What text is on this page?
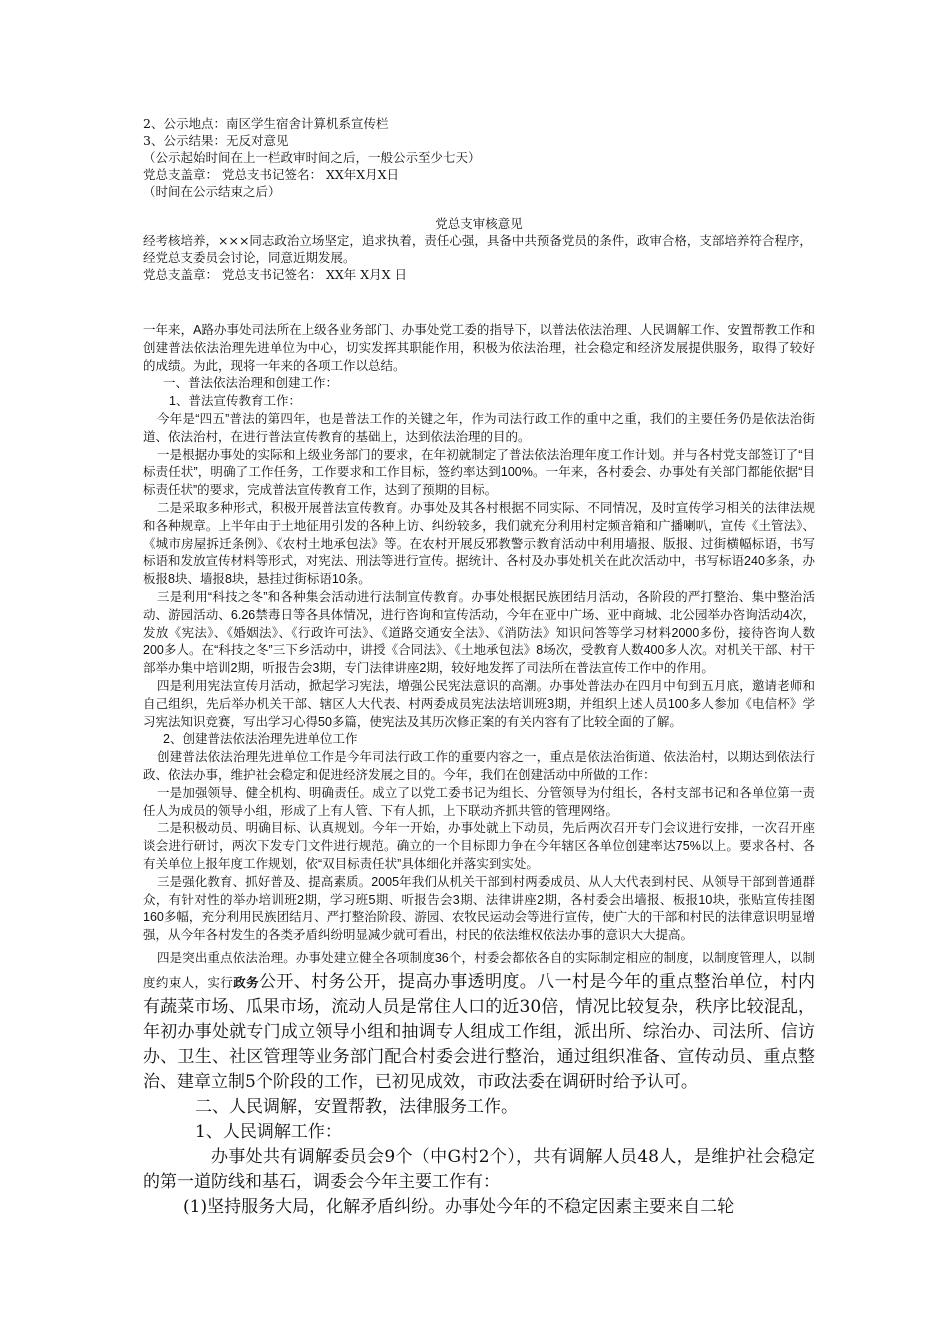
2、公示地点：南区学生宿舍计算机系宣传栏

3、公示结果：无反对意见

（公示起始时间在上一栏政审时间之后，一般公示至少七天）

党总支盖章： 党总支书记签名： XX年X月X日

（时间在公示结束之后）

党总支审核意见

经考核培养，×××同志政治立场坚定，追求执着，责任心强，具备中共预备党员的条件，政审合格，支部培养符合程序，经党总支委员会讨论，同意近期发展。

党总支盖章： 党总支书记签名： XX年 X月X 日

一年来，A路办事处司法所在上级各业务部门、办事处党工委的指导下，以普法依法治理、人民调解工作、安置帮教工作和创建普法依法治理先进单位为中心，切实发挥其职能作用，积极为依法治理，社会稳定和经济发展提供服务，取得了较好的成绩。为此，现将一年来的各项工作以总结。
一、普法依法治理和创建工作：
1、普法宣传教育工作：
今年是“四五”普法的第四年，也是普法工作的关键之年，作为司法行政工作的重中之重，我们的主要任务仍是依法治街道、依法治村，在进行普法宣传教育的基础上，达到依法治理的目的。
一是根据办事处的实际和上级业务部门的要求，在年初就制定了普法依法治理年度工作计划。并与各村党支部签订了“目标责任状”，明确了工作任务，工作要求和工作目标，签约率达到100%。一年来，各村委会、办事处有关部门都能依据“目标责任状”的要求，完成普法宣传教育工作，达到了预期的目标。
二是采取多种形式，积极开展普法宣传教育。办事处及其各村根据不同实际、不同情况，及时宣传学习相关的法律法规和各种规章。上半年由于土地征用引发的各种上访、纠纷较多，我们就充分利用村定频音箱和广播喇叭，宣传《土管法》、《城市房屋拆迁条例》、《农村土地承包法》等。在农村开展反邪教警示教育活动中利用墙报、版报、过街横幅标语，书写标语和发放宣传材料等形式，对宪法、刑法等进行宣传。据统计、各村及办事处机关在此次活动中，书写标语240多条，办板报8块、墙报8块，悬挂过街标语10条。
三是利用“科技之冬”和各种集会活动进行法制宣传教育。办事处根据民族团结月活动，各阶段的严打整治、集中整治活动、游园活动、6.26禁毒日等各具体情况，进行咨询和宣传活动，今年在亚中广场、亚中商城、北公园举办咨询活动4次，发放《宪法》、《婚姻法》、《行政许可法》、《道路交通安全法》、《消防法》知识问答等学习材料2000多份，接待咨询人数200多人。在“科技之冬”三下乡活动中，讲授《合同法》、《土地承包法》8场次，受教育人数400多人次。对机关干部、村干部举办集中培训2期，听报告会3期，专门法律讲座2期，较好地发挥了司法所在普法宣传工作中的作用。
四是利用宪法宣传月活动，掀起学习宪法，增强公民宪法意识的高潮。办事处普法办在四月中旬到五月底，邀请老师和自己组织，先后举办机关干部、辖区人大代表、村两委成员宪法法培训班3期，并组织上述人员100多人参加《电信杯》学习宪法知识竞赛，写出学习心得50多篇，使宪法及其历次修正案的有关内容有了比较全面的了解。
2、创建普法依法治理先进单位工作
创建普法依法治理先进单位工作是今年司法行政工作的重要内容之一，重点是依法治街道、依法治村，以期达到依法行政、依法办事，维护社会稳定和促进经济发展之目的。今年，我们在创建活动中所做的工作：
一是加强领导、健全机构、明确责任。成立了以党工委书记为组长、分管领导为付组长，各村支部书记和各单位第一责任人为成员的领导小组，形成了上有人管、下有人抓，上下联动齐抓共管的管理网络。
二是积极动员、明确目标、认真规划。今年一开始，办事处就上下动员，先后两次召开专门会议进行安排，一次召开座谈会进行研讨，两次下发专门文件进行规范。确立的一个目标即力争在今年辖区各单位创建率达75%以上。要求各村、各有关单位上报年度工作规划，依“双目标责任状”具体细化并落实到实处。
三是强化教育、抓好普及、提高素质。2005年我们从机关干部到村两委成员、从人大代表到村民、从领导干部到普通群众，有针对性的举办培训班2期，学习班5期、听报告会3期、法律讲座2期，各村委会出墙报、板报10块，张贴宣传挂图160多幅，充分利用民族团结月、严打整治阶段、游园、农牧民运动会等进行宣传，使广大的干部和村民的法律意识明显增强，从今年各村发生的各类矛盾纠纷明显减少就可看出，村民的依法维权依法办事的意识大大提高。
四是突出重点依法治理。办事处建立健全各项制度36个，村委会都依各自的实际制定相应的制度，以制度管理人，以制度约束人，实行政务公开、村务公开，提高办事透明度。八一村是今年的重点整治单位，村内有蔬菜市场、瓜果市场，流动人员是常住人口的近30倍，情况比较复杂，秩序比较混乱，年初办事处就专门成立领导小组和抽调专人组成工作组，派出所、综治办、司法所、信访办、卫生、社区管理等业务部门配合村委会进行整治，通过组织准备、宣传动员、重点整治、建章立制5个阶段的工作，已初见成效，市政法委在调研时给予认可。
二、人民调解，安置帮教，法律服务工作。
1、人民调解工作：
办事处共有调解委员会9个（中G村2个），共有调解人员48人，是维护社会稳定的第一道防线和基石，调委会今年主要工作有：
(1)坚持服务大局，化解矛盾纠纷。办事处今年的不稳定因素主要来自二轮
